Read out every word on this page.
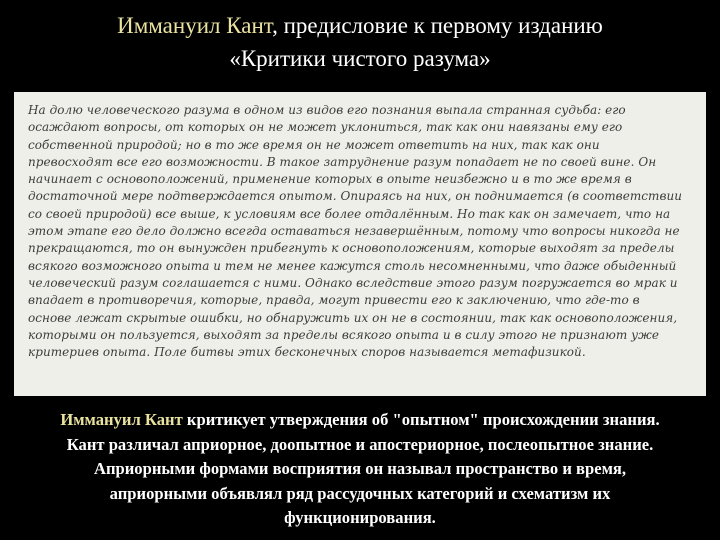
Иммануил Кант, предисловие к первому изданию
«Критики чистого разума»

На долю человеческого разума в одном из видов его познания выпала странная судьба: его
осаждают вопросы, от которых он не может уклониться, так как они навязаны ему его
собственной природой; но в то же время он не может ответить на них, так как они
превосходят все его возможности. В такое затруднение разум попадает не по своей вине. Он
начинает с основоположений, применение которых в опыте неизбежно и в то же время в
достаточной мере подтверждается опытом. Опираясь на них, он поднимается (в соответствии
со своей природой) все выше, к условиям все более отдалённым. Но так как он замечает, что на
этом этапе его дело должно всегда оставаться незавершённым, потому что вопросы никогда не
прекращаются, то он вынужден прибегнуть к основоположениям, которые выходят за пределы
всякого возможного опыта и тем не менее кажутся столь несомненными, что даже обыденный
человеческий разум соглашается с ними. Однако вследствие этого разум погружается во мрак и
впадает в противоречия, которые, правда, могут привести его к заключению, что где-то в
основе лежат скрытые ошибки, но обнаружить их он не в состоянии, так как основоположения,
которыми он пользуется, выходят за пределы всякого опыта и в силу этого не признают уже
критериев опыта. Поле битвы этих бесконечных споров называется метафизикой.

Иммануил Кант критикует утверждения об "опытном" происхождении знания.
Кант различал априорное, доопытное и апостериорное, послеопытное знание.
Априорными формами восприятия он называл пространство и время,
априорными объявлял ряд рассудочных категорий и схематизм их
функционирования.
